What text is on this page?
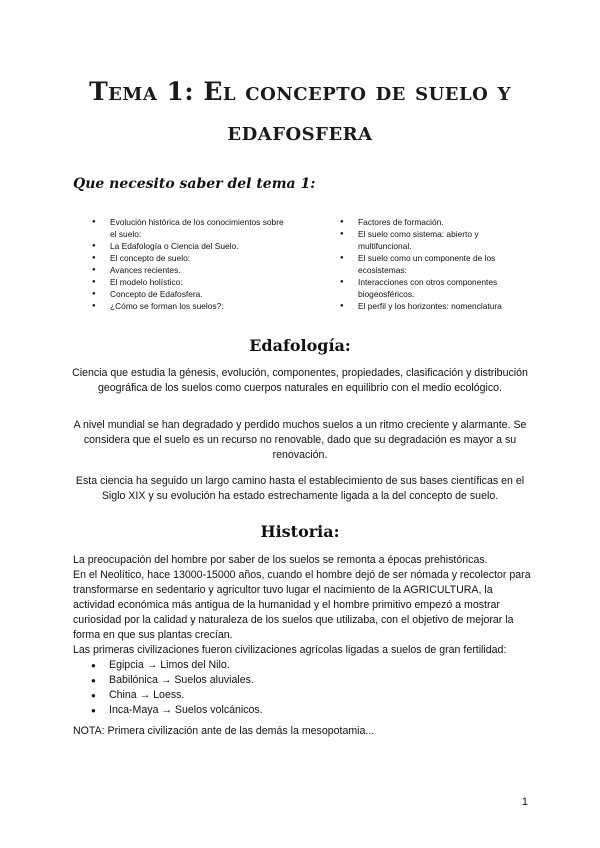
Tema 1: El concepto de suelo y edafosfera
Que necesito saber del tema 1:
● Evolución histórica de los conocimientos sobre el suelo:
● La Edafología o Ciencia del Suelo.
● El concepto de suelo:
● Avances recientes.
● El modelo holístico:
● Concepto de Edafosfera.
● ¿Cómo se forman los suelos?:
● Factores de formación.
● El suelo como sistema: abierto y multifuncional.
● El suelo como un componente de los ecosistemas:
● Interacciones con otros componentes biogeosféricos.
● El perfil y los horizontes: nomenclatura
Edafología:

Ciencia que estudia la génesis, evolución, componentes, propiedades, clasificación y distribución geográfica de los suelos como cuerpos naturales en equilibrio con el medio ecológico.

A nivel mundial se han degradado y perdido muchos suelos a un ritmo creciente y alarmante. Se considera que el suelo es un recurso no renovable, dado que su degradación es mayor a su renovación.

Esta ciencia ha seguido un largo camino hasta el establecimiento de sus bases científicas en el Siglo XIX y su evolución ha estado estrechamente ligada a la del concepto de suelo.

Historia:

La preocupación del hombre por saber de los suelos se remonta a épocas prehistóricas.

En el Neolítico, hace 13000-15000 años, cuando el hombre dejó de ser nómada y recolector para transformarse en sedentario y agricultor tuvo lugar el nacimiento de la AGRICULTURA, la actividad económica más antigua de la humanidad y el hombre primitivo empezó a mostrar curiosidad por la calidad y naturaleza de los suelos que utilizaba, con el objetivo de mejorar la forma en que sus plantas crecían.

Las primeras civilizaciones fueron civilizaciones agrícolas ligadas a suelos de gran fertilidad:

● Egipcia → Limos del Nilo.
● Babilónica → Suelos aluviales.
● China → Loess.
● Inca-Maya → Suelos volcánicos.
NOTA: Primera civilización ante de las demás la mesopotamia...
1
